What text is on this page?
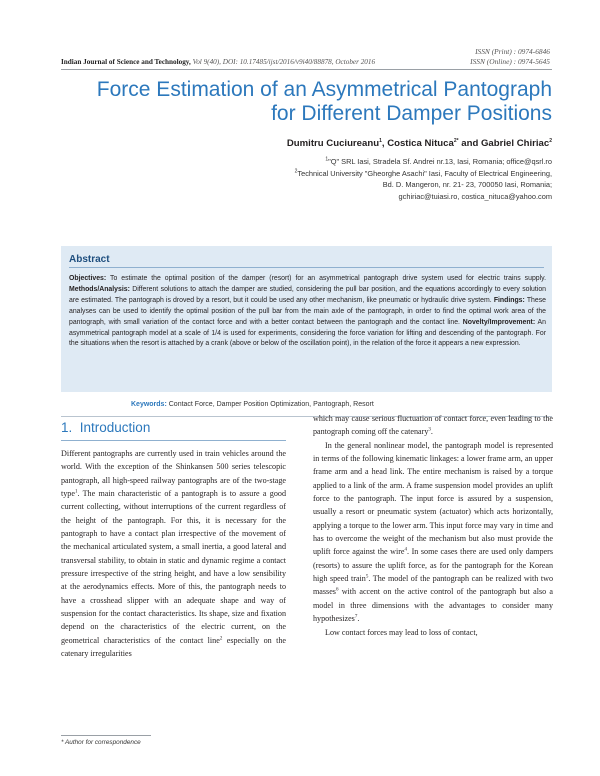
ISSN (Print) : 0974-6846
ISSN (Online) : 0974-5645
Indian Journal of Science and Technology, Vol 9(40), DOI: 10.17485/ijst/2016/v9i40/88878, October 2016
Force Estimation of an Asymmetrical Pantograph
for Different Damper Positions
Dumitru Cuciureanu$^1$, Costica Nituca$^{2*}$ and Gabriel Chiriac$^2$
$^1$"Q" SRL Iasi, Stradela Sf. Andrei nr.13, Iasi, Romania; office@qsrl.ro
$^2$Technical University "Gheorghe Asachi" Iasi, Faculty of Electrical Engineering,
Bd. D. Mangeron, nr. 21- 23, 700050 Iasi, Romania;
gchiriac@tuiasi.ro, costica_nituca@yahoo.com
Abstract

Objectives: To estimate the optimal position of the damper (resort) for an asymmetrical pantograph drive system used for electric trains supply. Methods/Analysis: Different solutions to attach the damper are studied, considering the pull bar position, and the equations accordingly to every solution are estimated. The pantograph is droved by a resort, but it could be used any other mechanism, like pneumatic or hydraulic drive system. Findings: These analyses can be used to identify the optimal position of the pull bar from the main axle of the pantograph, in order to find the optimal work area of the pantograph, with small variation of the contact force and with a better contact between the pantograph and the contact line. Novelty/Improvement: An asymmetrical pantograph model at a scale of 1/4 is used for experiments, considering the force variation for lifting and descending of the pantograph. For the situations when the resort is attached by a crank (above or below of the oscillation point), in the relation of the force it appears a new expression.

Keywords: Contact Force, Damper Position Optimization, Pantograph, Resort
1. Introduction

Different pantographs are currently used in train vehicles around the world. With the exception of the Shinkansen 500 series telescopic pantograph, all high-speed railway pantographs are of the two-stage type$^1$. The main characteristic of a pantograph is to assure a good current collecting, without interruptions of the current regardless of the height of the pantograph. For this, it is necessary for the pantograph to have a contact plan irrespective of the movement of the mechanical articulated system, a small inertia, a good lateral and transversal stability, to obtain in static and dynamic regime a contact pressure irrespective of the string height, and have a low sensibility at the aerodynamics effects. More of this, the pantograph needs to have a crosshead slipper with an adequate shape and way of suspension for the contact characteristics. Its shape, size and fixation depend on the characteristics of the electric current, on the geometrical characteristics of the contact line$^2$ especially on the catenary irregularities

which may cause serious fluctuation of contact force, even leading to the pantograph coming off the catenary$^3$.

In the general nonlinear model, the pantograph model is represented in terms of the following kinematic linkages: a lower frame arm, an upper frame arm and a head link. The entire mechanism is raised by a torque applied to a link of the arm. A frame suspension model provides an uplift force to the pantograph. The input force is assured by a suspension, usually a resort or pneumatic system (actuator) which acts horizontally, applying a torque to the lower arm. This input force may vary in time and has to overcome the weight of the mechanism but also must provide the uplift force against the wire$^4$. In some cases there are used only dampers (resorts) to assure the uplift force, as for the pantograph for the Korean high speed train$^5$. The model of the pantograph can be realized with two masses$^6$ with accent on the active control of the pantograph but also a model in three dimensions with the advantages to consider many hypothesizes$^7$.

Low contact forces may lead to loss of contact,

* Author for correspondence
